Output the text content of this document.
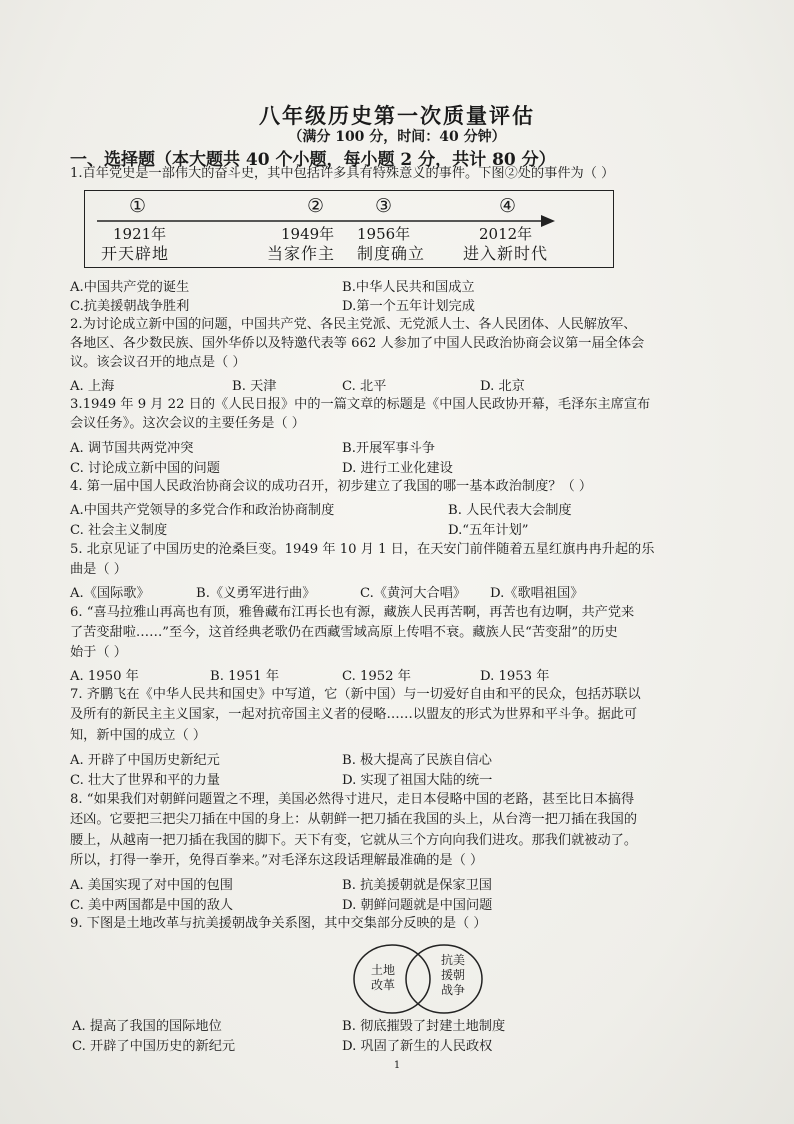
八年级历史第一次质量评估
（满分 100 分，时间：40 分钟）
一、选择题（本大题共 40 个小题，每小题 2 分，共计 80 分）
1.百年党史是一部伟大的奋斗史，其中包括许多具有特殊意义的事件。下图②处的事件为（ ）
①
1921年
开天辟地
②
1949年
当家作主
③
1956年
制度确立
④
2012年
进入新时代
A.中国共产党的诞生	B.中华人民共和国成立
C.抗美援朝战争胜利	D.第一个五年计划完成
2.为讨论成立新中国的问题，中国共产党、各民主党派、无党派人士、各人民团体、人民解放军、
各地区、各少数民族、国外华侨以及特邀代表等 662 人参加了中国人民政治协商会议第一届全体会
议。该会议召开的地点是（ ）
A. 上海	B. 天津	C. 北平	D. 北京
3.1949 年 9 月 22 日的《人民日报》中的一篇文章的标题是《中国人民政协开幕，毛泽东主席宣布
会议任务》。这次会议的主要任务是（ ）
A. 调节国共两党冲突	B.开展军事斗争
C. 讨论成立新中国的问题	D. 进行工业化建设
4. 第一届中国人民政治协商会议的成功召开，初步建立了我国的哪一基本政治制度？（ ）
A.中国共产党领导的多党合作和政治协商制度	B. 人民代表大会制度
C. 社会主义制度	D.“五年计划”
5. 北京见证了中国历史的沧桑巨变。1949 年 10 月 1 日，在天安门前伴随着五星红旗冉冉升起的乐
曲是（ ）
A.《国际歌》	B.《义勇军进行曲》	C.《黄河大合唱》 D.《歌唱祖国》
6. “喜马拉雅山再高也有顶，雅鲁藏布江再长也有源，藏族人民再苦啊，再苦也有边啊，共产党来
了苦变甜啦……”至今，这首经典老歌仍在西藏雪域高原上传唱不衰。藏族人民“苦变甜”的历史
始于（ ）
A. 1950 年	B. 1951 年	C. 1952 年	D. 1953 年
7. 齐鹏飞在《中华人民共和国史》中写道，它（新中国）与一切爱好自由和平的民众，包括苏联以
及所有的新民主主义国家，一起对抗帝国主义者的侵略……以盟友的形式为世界和平斗争。据此可
知，新中国的成立（ ）
A. 开辟了中国历史新纪元	B. 极大提高了民族自信心
C. 壮大了世界和平的力量	D. 实现了祖国大陆的统一
8. “如果我们对朝鲜问题置之不理，美国必然得寸进尺，走日本侵略中国的老路，甚至比日本搞得
还凶。它要把三把尖刀插在中国的身上：从朝鲜一把刀插在我国的头上，从台湾一把刀插在我国的
腰上，从越南一把刀插在我国的脚下。天下有变，它就从三个方向向我们进攻。那我们就被动了。
所以，打得一拳开，免得百拳来。”对毛泽东这段话理解最准确的是（ ）
A. 美国实现了对中国的包围	B. 抗美援朝就是保家卫国
C. 美中两国都是中国的敌人	D. 朝鲜问题就是中国问题
9. 下图是土地改革与抗美援朝战争关系图，其中交集部分反映的是（ ）
土地
改革
抗美
援朝
战争
A. 提高了我国的国际地位	B. 彻底摧毁了封建土地制度
C. 开辟了中国历史的新纪元	D. 巩固了新生的人民政权
1
